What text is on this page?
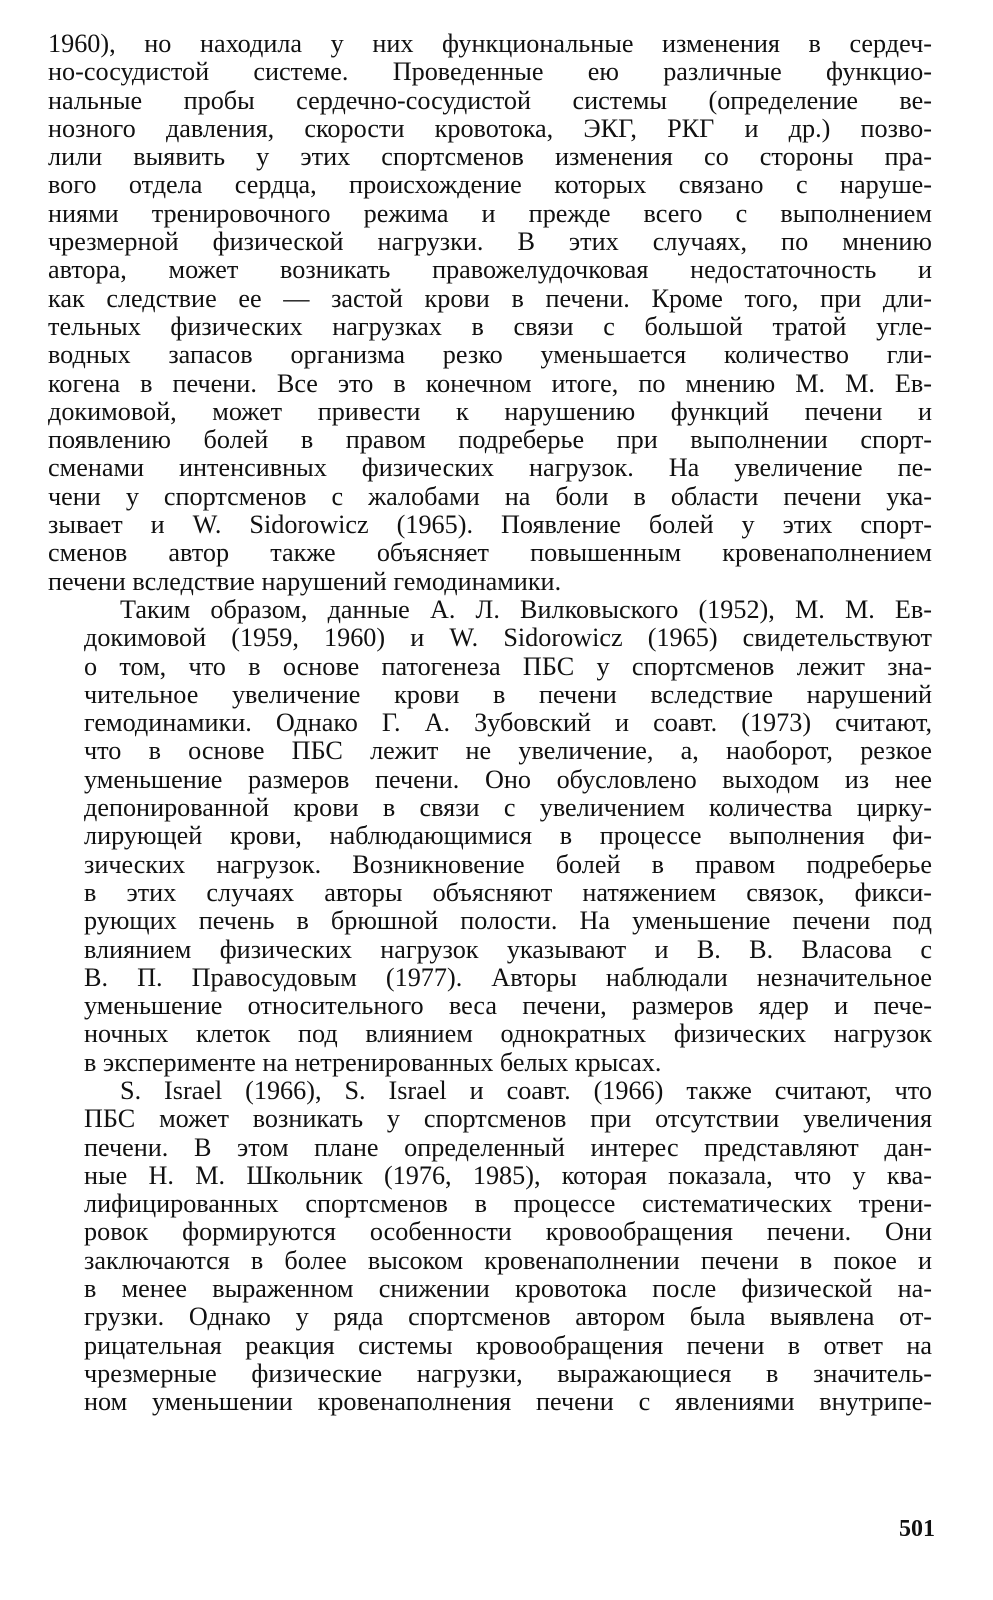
1960), но находила у них функциональные изменения в сердеч-
но-сосудистой системе. Проведенные ею различные функцио-
нальные пробы сердечно-сосудистой системы (определение ве-
нозного давления, скорости кровотока, ЭКГ, РКГ и др.) позво-
лили выявить у этих спортсменов изменения со стороны пра-
вого отдела сердца, происхождение которых связано с наруше-
ниями тренировочного режима и прежде всего с выполнением
чрезмерной физической нагрузки. В этих случаях, по мнению
автора, может возникать правожелудочковая недостаточность и
как следствие ее — застой крови в печени. Кроме того, при дли-
тельных физических нагрузках в связи с большой тратой угле-
водных запасов организма резко уменьшается количество гли-
когена в печени. Все это в конечном итоге, по мнению М. М. Ев-
докимовой, может привести к нарушению функций печени и
появлению болей в правом подреберье при выполнении спорт-
сменами интенсивных физических нагрузок. На увеличение пе-
чени у спортсменов с жалобами на боли в области печени ука-
зывает и W. Sidorowicz (1965). Появление болей у этих спорт-
сменов автор также объясняет повышенным кровенаполнением
печени вследствие нарушений гемодинамики.

Таким образом, данные А. Л. Вилковыского (1952), М. М. Ев-
докимовой (1959, 1960) и W. Sidorowicz (1965) свидетельствуют
о том, что в основе патогенеза ПБС у спортсменов лежит зна-
чительное увеличение крови в печени вследствие нарушений
гемодинамики. Однако Г. А. Зубовский и соавт. (1973) считают,
что в основе ПБС лежит не увеличение, а, наоборот, резкое
уменьшение размеров печени. Оно обусловлено выходом из нее
депонированной крови в связи с увеличением количества цирку-
лирующей крови, наблюдающимися в процессе выполнения фи-
зических нагрузок. Возникновение болей в правом подреберье
в этих случаях авторы объясняют натяжением связок, фикси-
рующих печень в брюшной полости. На уменьшение печени под
влиянием физических нагрузок указывают и В. В. Власова с
В. П. Правосудовым (1977). Авторы наблюдали незначительное
уменьшение относительного веса печени, размеров ядер и пече-
ночных клеток под влиянием однократных физических нагрузок
в эксперименте на нетренированных белых крысах.

S. Israel (1966), S. Israel и соавт. (1966) также считают, что
ПБС может возникать у спортсменов при отсутствии увеличения
печени. В этом плане определенный интерес представляют дан-
ные Н. М. Школьник (1976, 1985), которая показала, что у ква-
лифицированных спортсменов в процессе систематических трени-
ровок формируются особенности кровообращения печени. Они
заключаются в более высоком кровенаполнении печени в покое и
в менее выраженном снижении кровотока после физической на-
грузки. Однако у ряда спортсменов автором была выявлена от-
рицательная реакция системы кровообращения печени в ответ на
чрезмерные физические нагрузки, выражающиеся в значитель-
ном уменьшении кровенаполнения печени с явлениями внутрипе-

501
